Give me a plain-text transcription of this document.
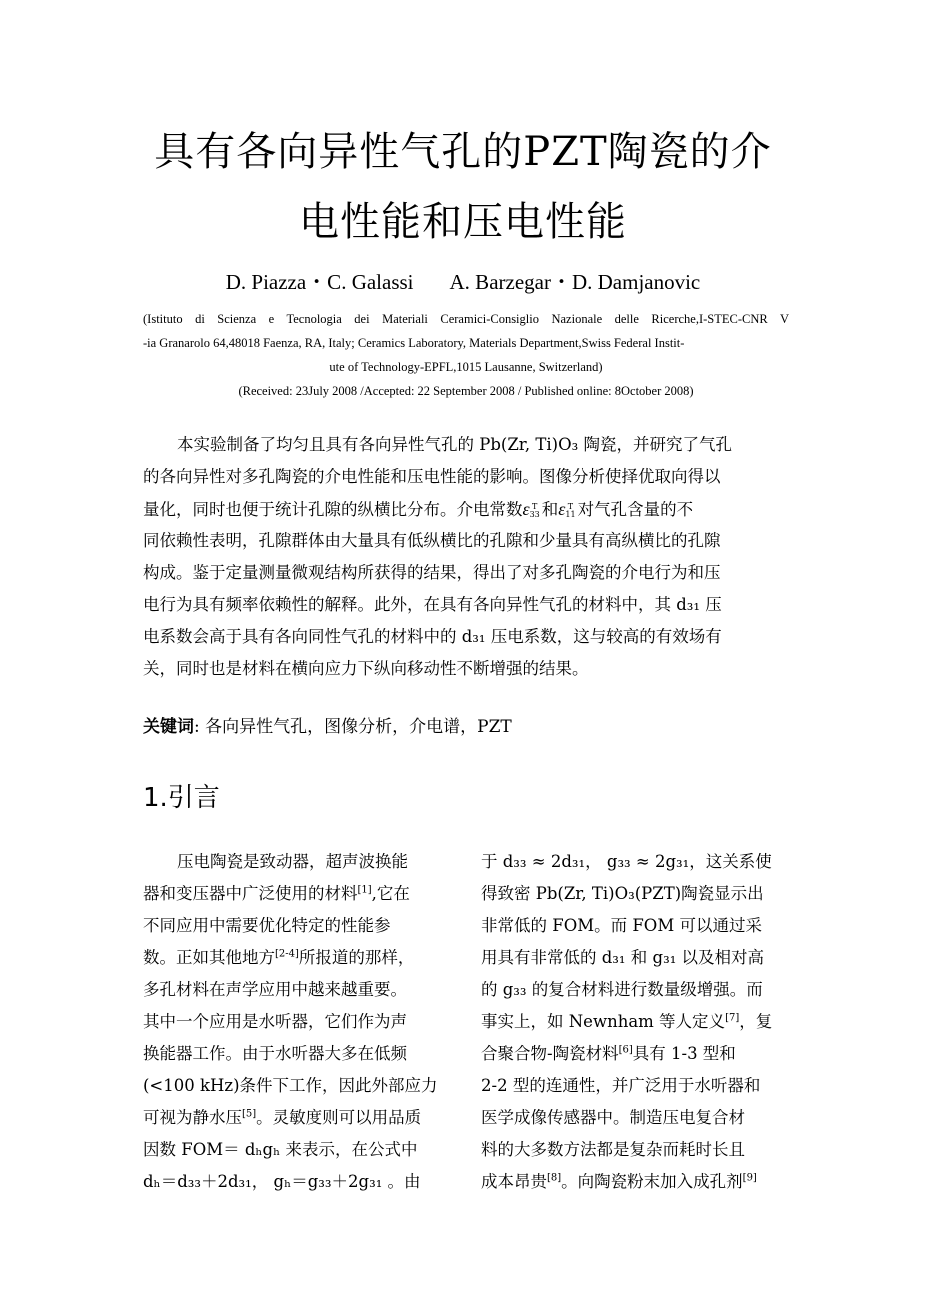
具有各向异性气孔的PZT陶瓷的介
电性能和压电性能
D. Piazza・C. Galassi A. Barzegar・D. Damjanovic
(Istituto di Scienza e Tecnologia dei Materiali Ceramici-Consiglio Nazionale delle Ricerche,I-STEC-CNR V
-ia Granarolo 64,48018 Faenza, RA, Italy; Ceramics Laboratory, Materials Department,Swiss Federal Instit-
ute of Technology-EPFL,1015 Lausanne, Switzerland)
(Received: 23July 2008 /Accepted: 22 September 2008 / Published online: 8October 2008)
本实验制备了均匀且具有各向异性气孔的 Pb(Zr, Ti)O₃ 陶瓷，并研究了气孔
的各向异性对多孔陶瓷的介电性能和压电性能的影响。图像分析使择优取向得以
量化，同时也便于统计孔隙的纵横比分布。介电常数ε T
33 和ε T
11 对气孔含量的不
同依赖性表明，孔隙群体由大量具有低纵横比的孔隙和少量具有高纵横比的孔隙
构成。鉴于定量测量微观结构所获得的结果，得出了对多孔陶瓷的介电行为和压
电行为具有频率依赖性的解释。此外，在具有各向异性气孔的材料中，其 d₃₁ 压
电系数会高于具有各向同性气孔的材料中的 d₃₁ 压电系数，这与较高的有效场有
关，同时也是材料在横向应力下纵向移动性不断增强的结果。
关键词: 各向异性气孔，图像分析，介电谱，PZT
1.引言
压电陶瓷是致动器，超声波换能
器和变压器中广泛使用的材料[1],它在
不同应用中需要优化特定的性能参
数。正如其他地方[2-4]所报道的那样，
多孔材料在声学应用中越来越重要。
其中一个应用是水听器，它们作为声
换能器工作。由于水听器大多在低频
(<100 kHz)条件下工作，因此外部应力
可视为静水压[5]。灵敏度则可以用品质
因数 FOM＝ dₕgₕ 来表示，在公式中
dₕ＝d₃₃＋2d₃₁， gₕ＝g₃₃＋2g₃₁ 。由
于 d₃₃ ≈ 2d₃₁， g₃₃ ≈ 2g₃₁，这关系使
得致密 Pb(Zr, Ti)O₃(PZT)陶瓷显示出
非常低的 FOM。而 FOM 可以通过采
用具有非常低的 d₃₁ 和 g₃₁ 以及相对高
的 g₃₃ 的复合材料进行数量级增强。而
事实上，如 Newnham 等人定义[7]，复
合聚合物-陶瓷材料[6]具有 1-3 型和
2-2 型的连通性，并广泛用于水听器和
医学成像传感器中。制造压电复合材
料的大多数方法都是复杂而耗时长且
成本昂贵[8]。向陶瓷粉末加入成孔剂[9]
